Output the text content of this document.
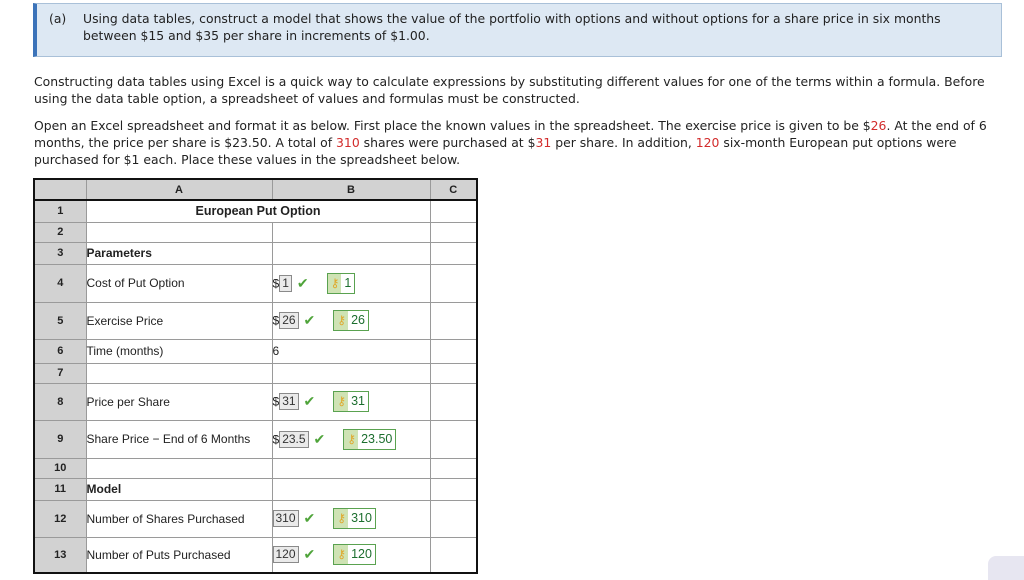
(a) Using data tables, construct a model that shows the value of the portfolio with options and without options for a share price in six months between $15 and $35 per share in increments of $1.00.
Constructing data tables using Excel is a quick way to calculate expressions by substituting different values for one of the terms within a formula. Before using the data table option, a spreadsheet of values and formulas must be constructed.
Open an Excel spreadsheet and format it as below. First place the known values in the spreadsheet. The exercise price is given to be $26. At the end of 6 months, the price per share is $23.50. A total of 310 shares were purchased at $31 per share. In addition, 120 six-month European put options were purchased for $1 each. Place these values in the spreadsheet below.
	A	B	C
1	European Put Option		
2			
3	Parameters		
4	Cost of Put Option	$ 1 ✔ ⚷ 1	
5	Exercise Price	$ 26 ✔ ⚷ 26	
6	Time (months)	6	
7			
8	Price per Share	$ 31 ✔ ⚷ 31	
9	Share Price − End of 6 Months	$ 23.5 ✔ ⚷ 23.50	
10			
11	Model		
12	Number of Shares Purchased	310 ✔ ⚷ 310	
13	Number of Puts Purchased	120 ✔ ⚷ 120	
